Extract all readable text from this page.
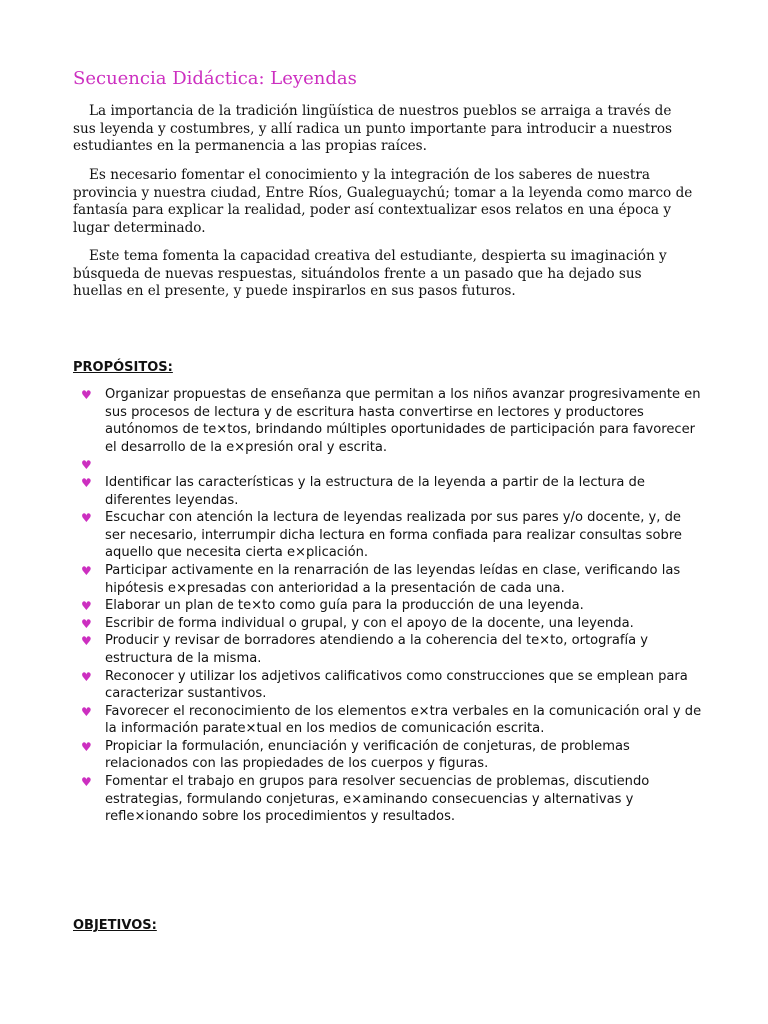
Secuencia Didáctica: Leyendas

La importancia de la tradición lingüística de nuestros pueblos se arraiga a través de sus leyenda y costumbres, y allí radica un punto importante para introducir a nuestros estudiantes en la permanencia a las propias raíces.

Es necesario fomentar el conocimiento y la integración de los saberes de nuestra provincia y nuestra ciudad, Entre Ríos, Gualeguaychú; tomar a la leyenda como marco de fantasía para explicar la realidad, poder así contextualizar esos relatos en una época y lugar determinado.

Este tema fomenta la capacidad creativa del estudiante, despierta su imaginación y búsqueda de nuevas respuestas, situándolos frente a un pasado que ha dejado sus huellas en el presente, y puede inspirarlos en sus pasos futuros.

PROPÓSITOS:
♥ Organizar propuestas de enseñanza que permitan a los niños avanzar progresivamente en sus procesos de lectura y de escritura hasta convertirse en lectores y productores autónomos de te×tos, brindando múltiples oportunidades de participación para favorecer el desarrollo de la e×presión oral y escrita.
♥
♥ Identificar las características y la estructura de la leyenda a partir de la lectura de diferentes leyendas.
♥ Escuchar con atención la lectura de leyendas realizada por sus pares y/o docente, y, de ser necesario, interrumpir dicha lectura en forma confiada para realizar consultas sobre aquello que necesita cierta e×plicación.
♥ Participar activamente en la renarración de las leyendas leídas en clase, verificando las hipótesis e×presadas con anterioridad a la presentación de cada una.
♥ Elaborar un plan de te×to como guía para la producción de una leyenda.
♥ Escribir de forma individual o grupal, y con el apoyo de la docente, una leyenda.
♥ Producir y revisar de borradores atendiendo a la coherencia del te×to, ortografía y estructura de la misma.
♥ Reconocer y utilizar los adjetivos calificativos como construcciones que se emplean para caracterizar sustantivos.
♥ Favorecer el reconocimiento de los elementos e×tra verbales en la comunicación oral y de la información parate×tual en los medios de comunicación escrita.
♥ Propiciar la formulación, enunciación y verificación de conjeturas, de problemas relacionados con las propiedades de los cuerpos y figuras.
♥ Fomentar el trabajo en grupos para resolver secuencias de problemas, discutiendo estrategias, formulando conjeturas, e×aminando consecuencias y alternativas y refle×ionando sobre los procedimientos y resultados.
OBJETIVOS:
